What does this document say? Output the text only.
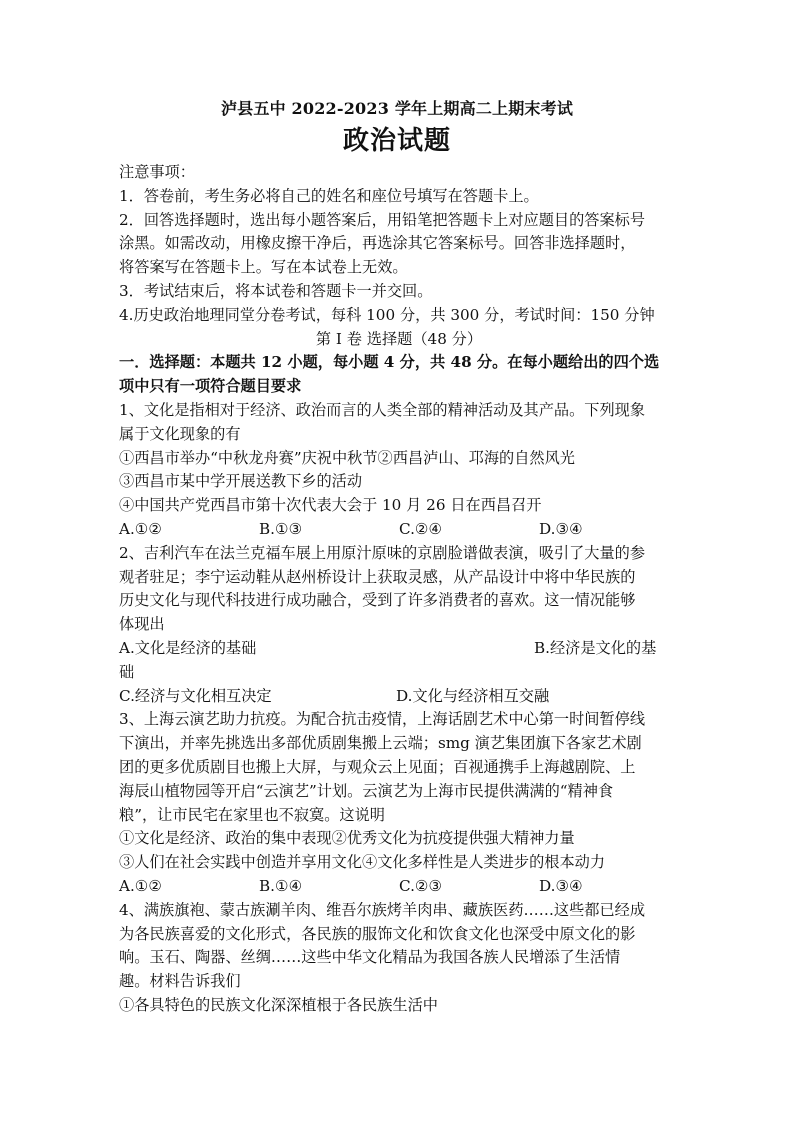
泸县五中 2022-2023 学年上期高二上期末考试
政治试题
注意事项：
1．答卷前，考生务必将自己的姓名和座位号填写在答题卡上。
2．回答选择题时，选出每小题答案后，用铅笔把答题卡上对应题目的答案标号
涂黑。如需改动，用橡皮擦干净后，再选涂其它答案标号。回答非选择题时，
将答案写在答题卡上。写在本试卷上无效。
3．考试结束后，将本试卷和答题卡一并交回。
4.历史政治地理同堂分卷考试，每科 100 分，共 300 分，考试时间：150 分钟
第 I 卷 选择题（48 分）
一．选择题：本题共 12 小题，每小题 4 分，共 48 分。在每小题给出的四个选
项中只有一项符合题目要求
1、文化是指相对于经济、政治而言的人类全部的精神活动及其产品。下列现象
属于文化现象的有
①西昌市举办“中秋龙舟赛”庆祝中秋节②西昌泸山、邛海的自然风光
③西昌市某中学开展送教下乡的活动
④中国共产党西昌市第十次代表大会于 10 月 26 日在西昌召开
A.①②	B.①③	C.②④	D.③④
2、吉利汽车在法兰克福车展上用原汁原味的京剧脸谱做表演，吸引了大量的参
观者驻足；李宁运动鞋从赵州桥设计上获取灵感，从产品设计中将中华民族的
历史文化与现代科技进行成功融合，受到了许多消费者的喜欢。这一情况能够
体现出
A.文化是经济的基础	B.经济是文化的基
础
C.经济与文化相互决定	D.文化与经济相互交融
3、上海云演艺助力抗疫。为配合抗击疫情，上海话剧艺术中心第一时间暂停线
下演出，并率先挑选出多部优质剧集搬上云端；smg 演艺集团旗下各家艺术剧
团的更多优质剧目也搬上大屏，与观众云上见面；百视通携手上海越剧院、上
海辰山植物园等开启“云演艺”计划。云演艺为上海市民提供满满的“精神食
粮”，让市民宅在家里也不寂寞。这说明
①文化是经济、政治的集中表现②优秀文化为抗疫提供强大精神力量
③人们在社会实践中创造并享用文化④文化多样性是人类进步的根本动力
A.①②	B.①④	C.②③	D.③④
4、满族旗袍、蒙古族涮羊肉、维吾尔族烤羊肉串、藏族医药……这些都已经成
为各民族喜爱的文化形式，各民族的服饰文化和饮食文化也深受中原文化的影
响。玉石、陶器、丝绸……这些中华文化精品为我国各族人民增添了生活情
趣。材料告诉我们
①各具特色的民族文化深深植根于各民族生活中
